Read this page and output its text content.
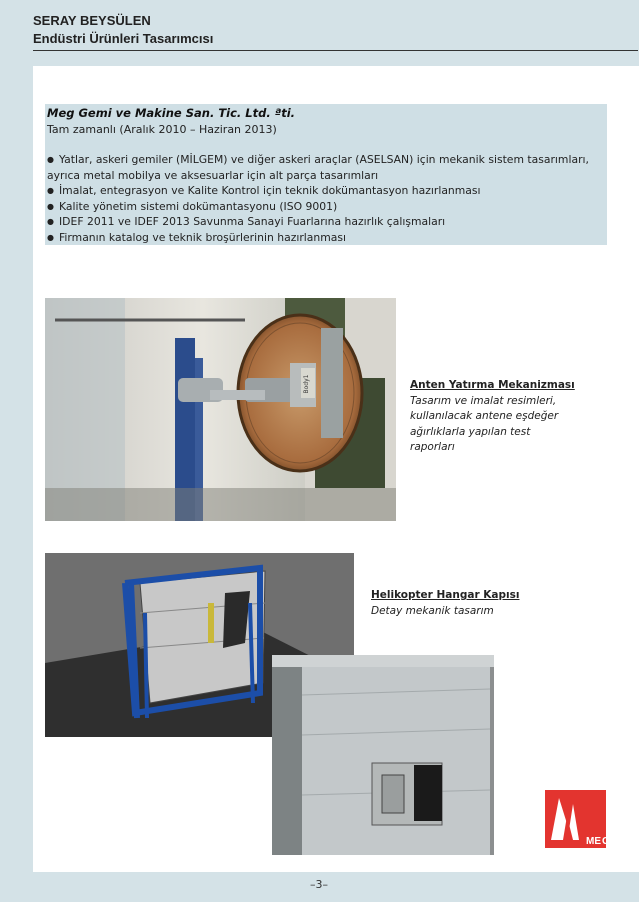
SERAY BEYSÜLEN
Endüstri Ürünleri Tasarımcısı
Meg Gemi ve Makine San. Tic. Ltd. ªti.
Tam zamanlı (Aralık 2010 – Haziran 2013)
● Yatlar, askeri gemiler (MİLGEM) ve diğer askeri araçlar (ASELSAN) için mekanik sistem tasarımları,
ayrıca metal mobilya ve aksesuarlar için alt parça tasarımları
● İmalat, entegrasyon ve Kalite Kontrol için teknik dokümantasyon hazırlanması
● Kalite yönetim sistemi dokümantasyonu (ISO 9001)
● IDEF 2011 ve IDEF 2013 Savunma Sanayi Fuarlarına hazırlık çalışmaları
● Firmanın katalog ve teknik broşürlerinin hazırlanması
Body1	Anten Yatırma Mekanizması
Tasarım ve imalat resimleri,
kullanılacak antene eşdeğer
ağırlıklarla yapılan test
raporları
Helikopter Hangar Kapısı
Detay mekanik tasarım
ME G
–3–
